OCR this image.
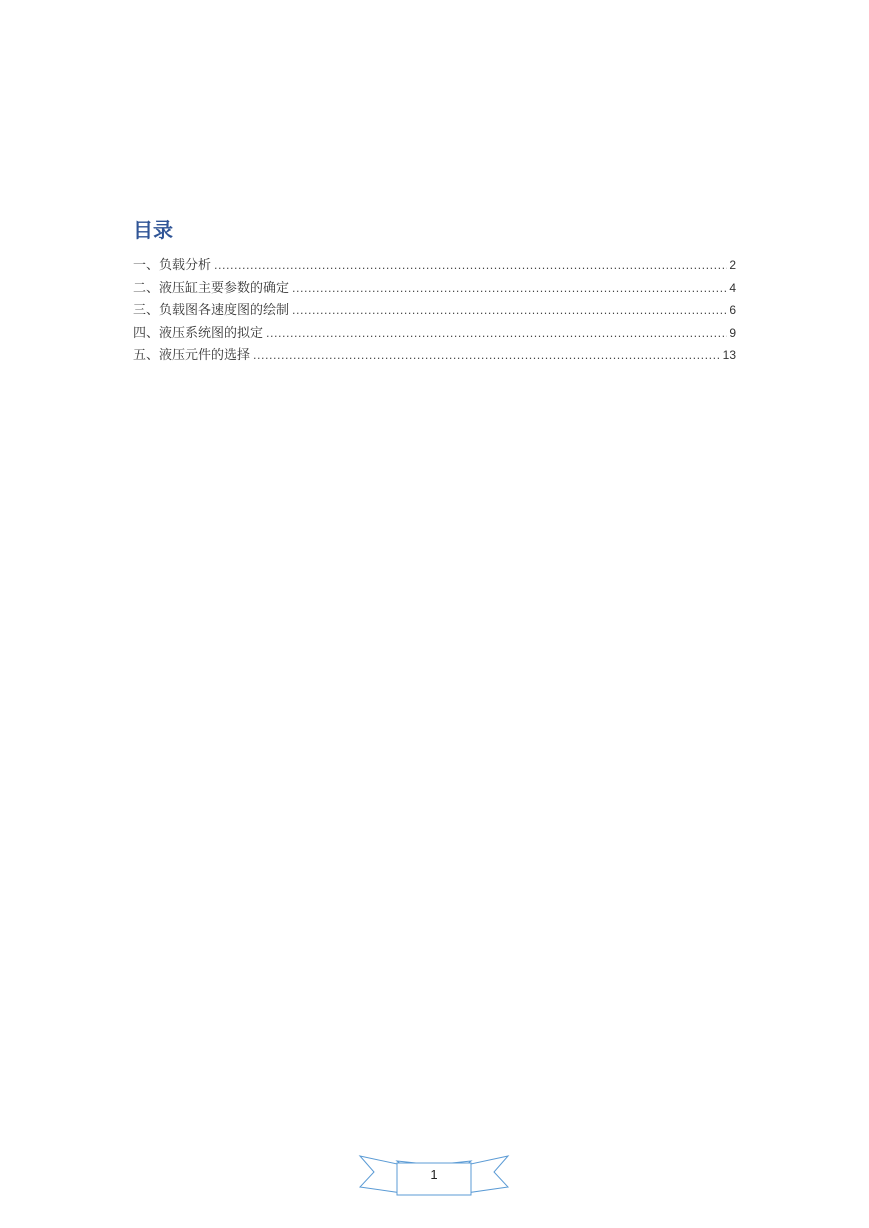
目录
一、负载分析 .....	2
二、液压缸主要参数的确定 .....	4
三、负载图各速度图的绘制 .....	6
四、液压系统图的拟定 .....	9
五、液压元件的选择 .....	13
1
